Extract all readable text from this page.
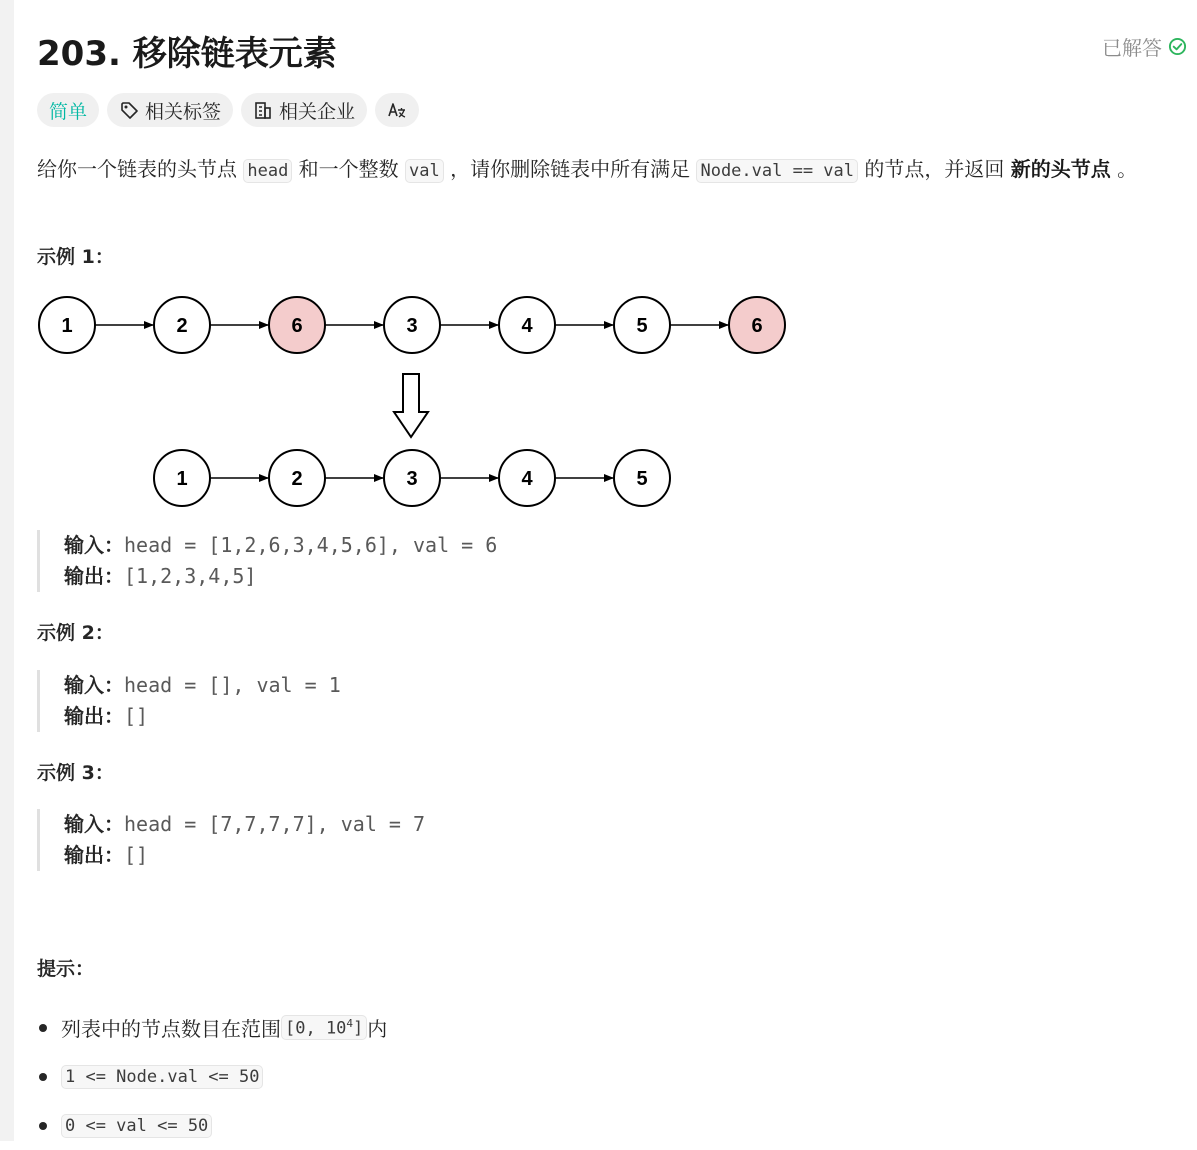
203. 移除链表元素	已解答
简单	相关标签	相关企业
给你一个链表的头节点 head 和一个整数 val ，请你删除链表中所有满足 Node.val == val 的节点，并返回 新的头节点 。
示例 1：
1	2	6	3	4	5	6
1	2	3	4	5
输入：head = [1,2,6,3,4,5,6], val = 6
输出：[1,2,3,4,5]
示例 2：
输入：head = [], val = 1
输出：[]
示例 3：
输入：head = [7,7,7,7], val = 7
输出：[]
提示：
列表中的节点数目在范围 [0, $10^4$] 内
1 <= Node.val <= 50
0 <= val <= 50
